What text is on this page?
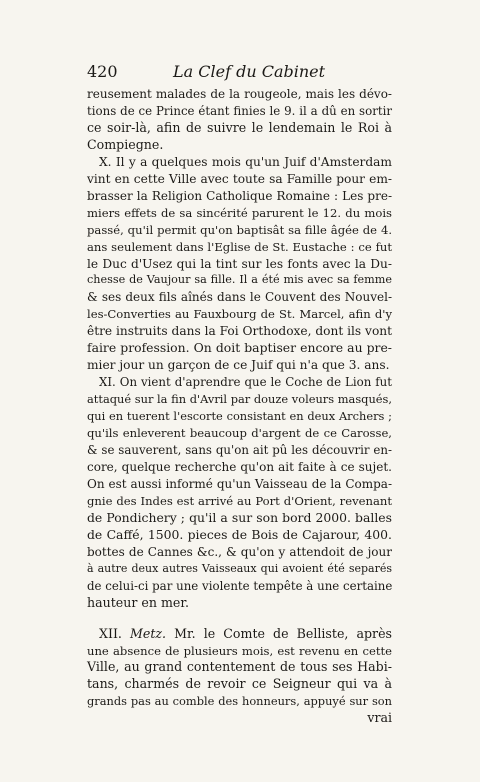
420	La Clef du Cabinet
reusement malades de la rougeole, mais les dévo-
tions de ce Prince étant finies le 9. il a dû en sortir
ce soir-là, afin de suivre le lendemain le Roi à
Compiegne.
X. Il y a quelques mois qu'un Juif d'Amsterdam
vint en cette Ville avec toute sa Famille pour em-
brasser la Religion Catholique Romaine : Les pre-
miers effets de sa sincérité parurent le 12. du mois
passé, qu'il permit qu'on baptisât sa fille âgée de 4.
ans seulement dans l'Eglise de St. Eustache : ce fut
le Duc d'Usez qui la tint sur les fonts avec la Du-
chesse de Vaujour sa fille. Il a été mis avec sa femme
& ses deux fils aînés dans le Couvent des Nouvel-
les-Converties au Fauxbourg de St. Marcel, afin d'y
être instruits dans la Foi Orthodoxe, dont ils vont
faire profession. On doit baptiser encore au pre-
mier jour un garçon de ce Juif qui n'a que 3. ans.
XI. On vient d'aprendre que le Coche de Lion fut
attaqué sur la fin d'Avril par douze voleurs masqués,
qui en tuerent l'escorte consistant en deux Archers ;
qu'ils enleverent beaucoup d'argent de ce Carosse,
& se sauverent, sans qu'on ait pû les découvrir en-
core, quelque recherche qu'on ait faite à ce sujet.
On est aussi informé qu'un Vaisseau de la Compa-
gnie des Indes est arrivé au Port d'Orient, revenant
de Pondichery ; qu'il a sur son bord 2000. balles
de Caffé, 1500. pieces de Bois de Cajarour, 400.
bottes de Cannes &c., & qu'on y attendoit de jour
à autre deux autres Vaisseaux qui avoient été separés
de celui-ci par une violente tempête à une certaine
hauteur en mer.
XII. Metz. Mr. le Comte de Belliste, après
une absence de plusieurs mois, est revenu en cette
Ville, au grand contentement de tous ses Habi-
tans, charmés de revoir ce Seigneur qui va à
grands pas au comble des honneurs, appuyé sur son
vrai
